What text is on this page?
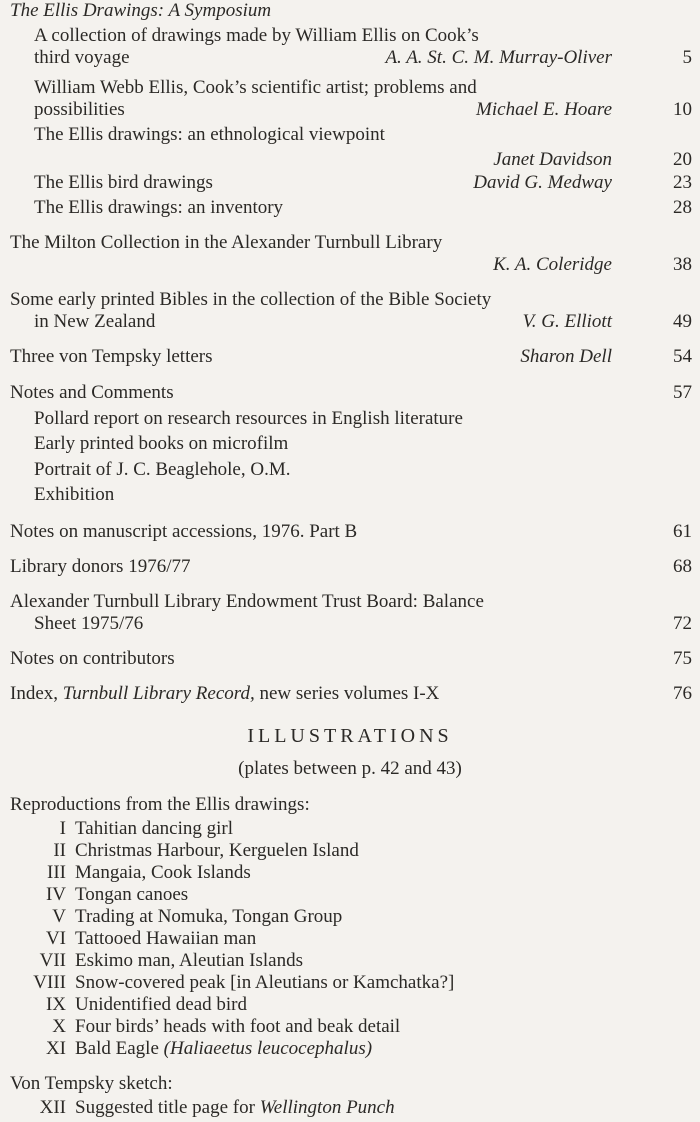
The Ellis Drawings: A Symposium
A collection of drawings made by William Ellis on Cook’s
third voyage	A. A. St. C. M. Murray-Oliver	5
William Webb Ellis, Cook’s scientific artist; problems and
possibilities	Michael E. Hoare	10
The Ellis drawings: an ethnological viewpoint
Janet Davidson	20
The Ellis bird drawings	David G. Medway	23
The Ellis drawings: an inventory	28
The Milton Collection in the Alexander Turnbull Library
K. A. Coleridge	38
Some early printed Bibles in the collection of the Bible Society
in New Zealand	V. G. Elliott	49
Three von Tempsky letters	Sharon Dell	54
Notes and Comments	57
Pollard report on research resources in English literature
Early printed books on microfilm
Portrait of J. C. Beaglehole, O.M.
Exhibition
Notes on manuscript accessions, 1976. Part B	61
Library donors 1976/77	68
Alexander Turnbull Library Endowment Trust Board: Balance
Sheet 1975/76	72
Notes on contributors	75
Index, Turnbull Library Record, new series volumes I-X	76
ILLUSTRATIONS
(plates between p. 42 and 43)
Reproductions from the Ellis drawings:
I Tahitian dancing girl
II Christmas Harbour, Kerguelen Island
III Mangaia, Cook Islands
IV Tongan canoes
V Trading at Nomuka, Tongan Group
VI Tattooed Hawaiian man
VII Eskimo man, Aleutian Islands
VIII Snow-covered peak [in Aleutians or Kamchatka?]
IX Unidentified dead bird
X Four birds’ heads with foot and beak detail
XI Bald Eagle (Haliaeetus leucocephalus)
Von Tempsky sketch:
XII Suggested title page for Wellington Punch
